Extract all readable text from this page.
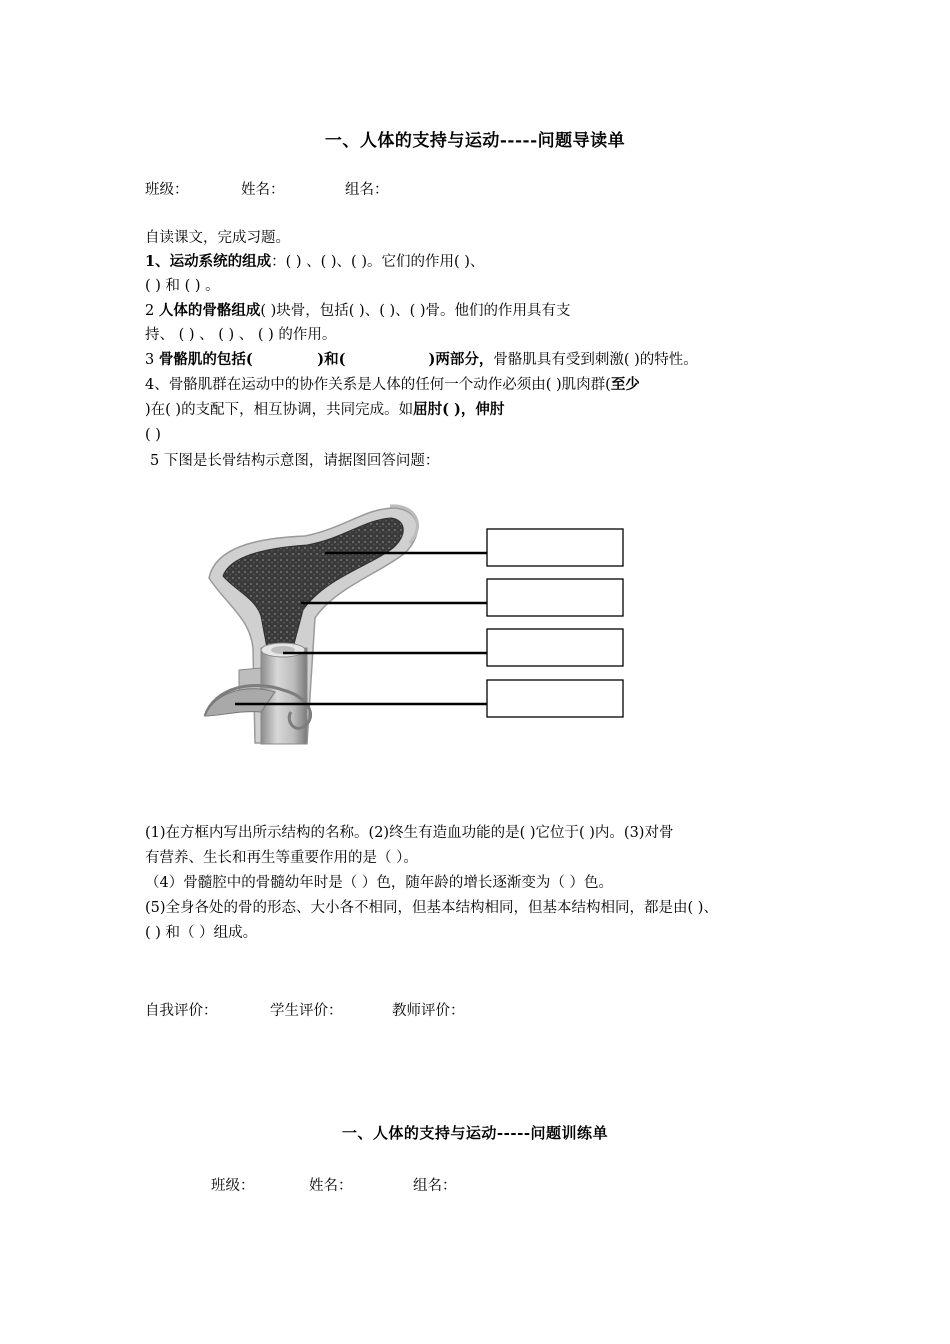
一、人体的支持与运动-----问题导读单
班级：	姓名：	组名：
自读课文，完成习题。
1、运动系统的组成：( ) 、( )、( )。它们的作用( )、
( ) 和 ( ) 。
2 人体的骨骼组成( )块骨，包括( )、( )、( )骨。他们的作用具有支
持、 ( ) 、 ( ) 、 ( ) 的作用。
3 骨骼肌的包括(	)和(	)两部分，骨骼肌具有受到刺激( )的特性。
4、骨骼肌群在运动中的协作关系是人体的任何一个动作必须由( )肌肉群(至少
)在( )的支配下，相互协调，共同完成。如屈肘( )，伸肘
( )
5 下图是长骨结构示意图，请据图回答问题：
(1)在方框内写出所示结构的名称。(2)终生有造血功能的是( )它位于( )内。(3)对骨
有营养、生长和再生等重要作用的是（ ）。
（4）骨髓腔中的骨髓幼年时是（ ）色，随年龄的增长逐渐变为（ ）色。
(5)全身各处的骨的形态、大小各不相同，但基本结构相同，但基本结构相同，都是由( )、
( ) 和（ ）组成。
自我评价：	学生评价：	教师评价：
一、人体的支持与运动-----问题训练单
班级：	姓名：	组名：
